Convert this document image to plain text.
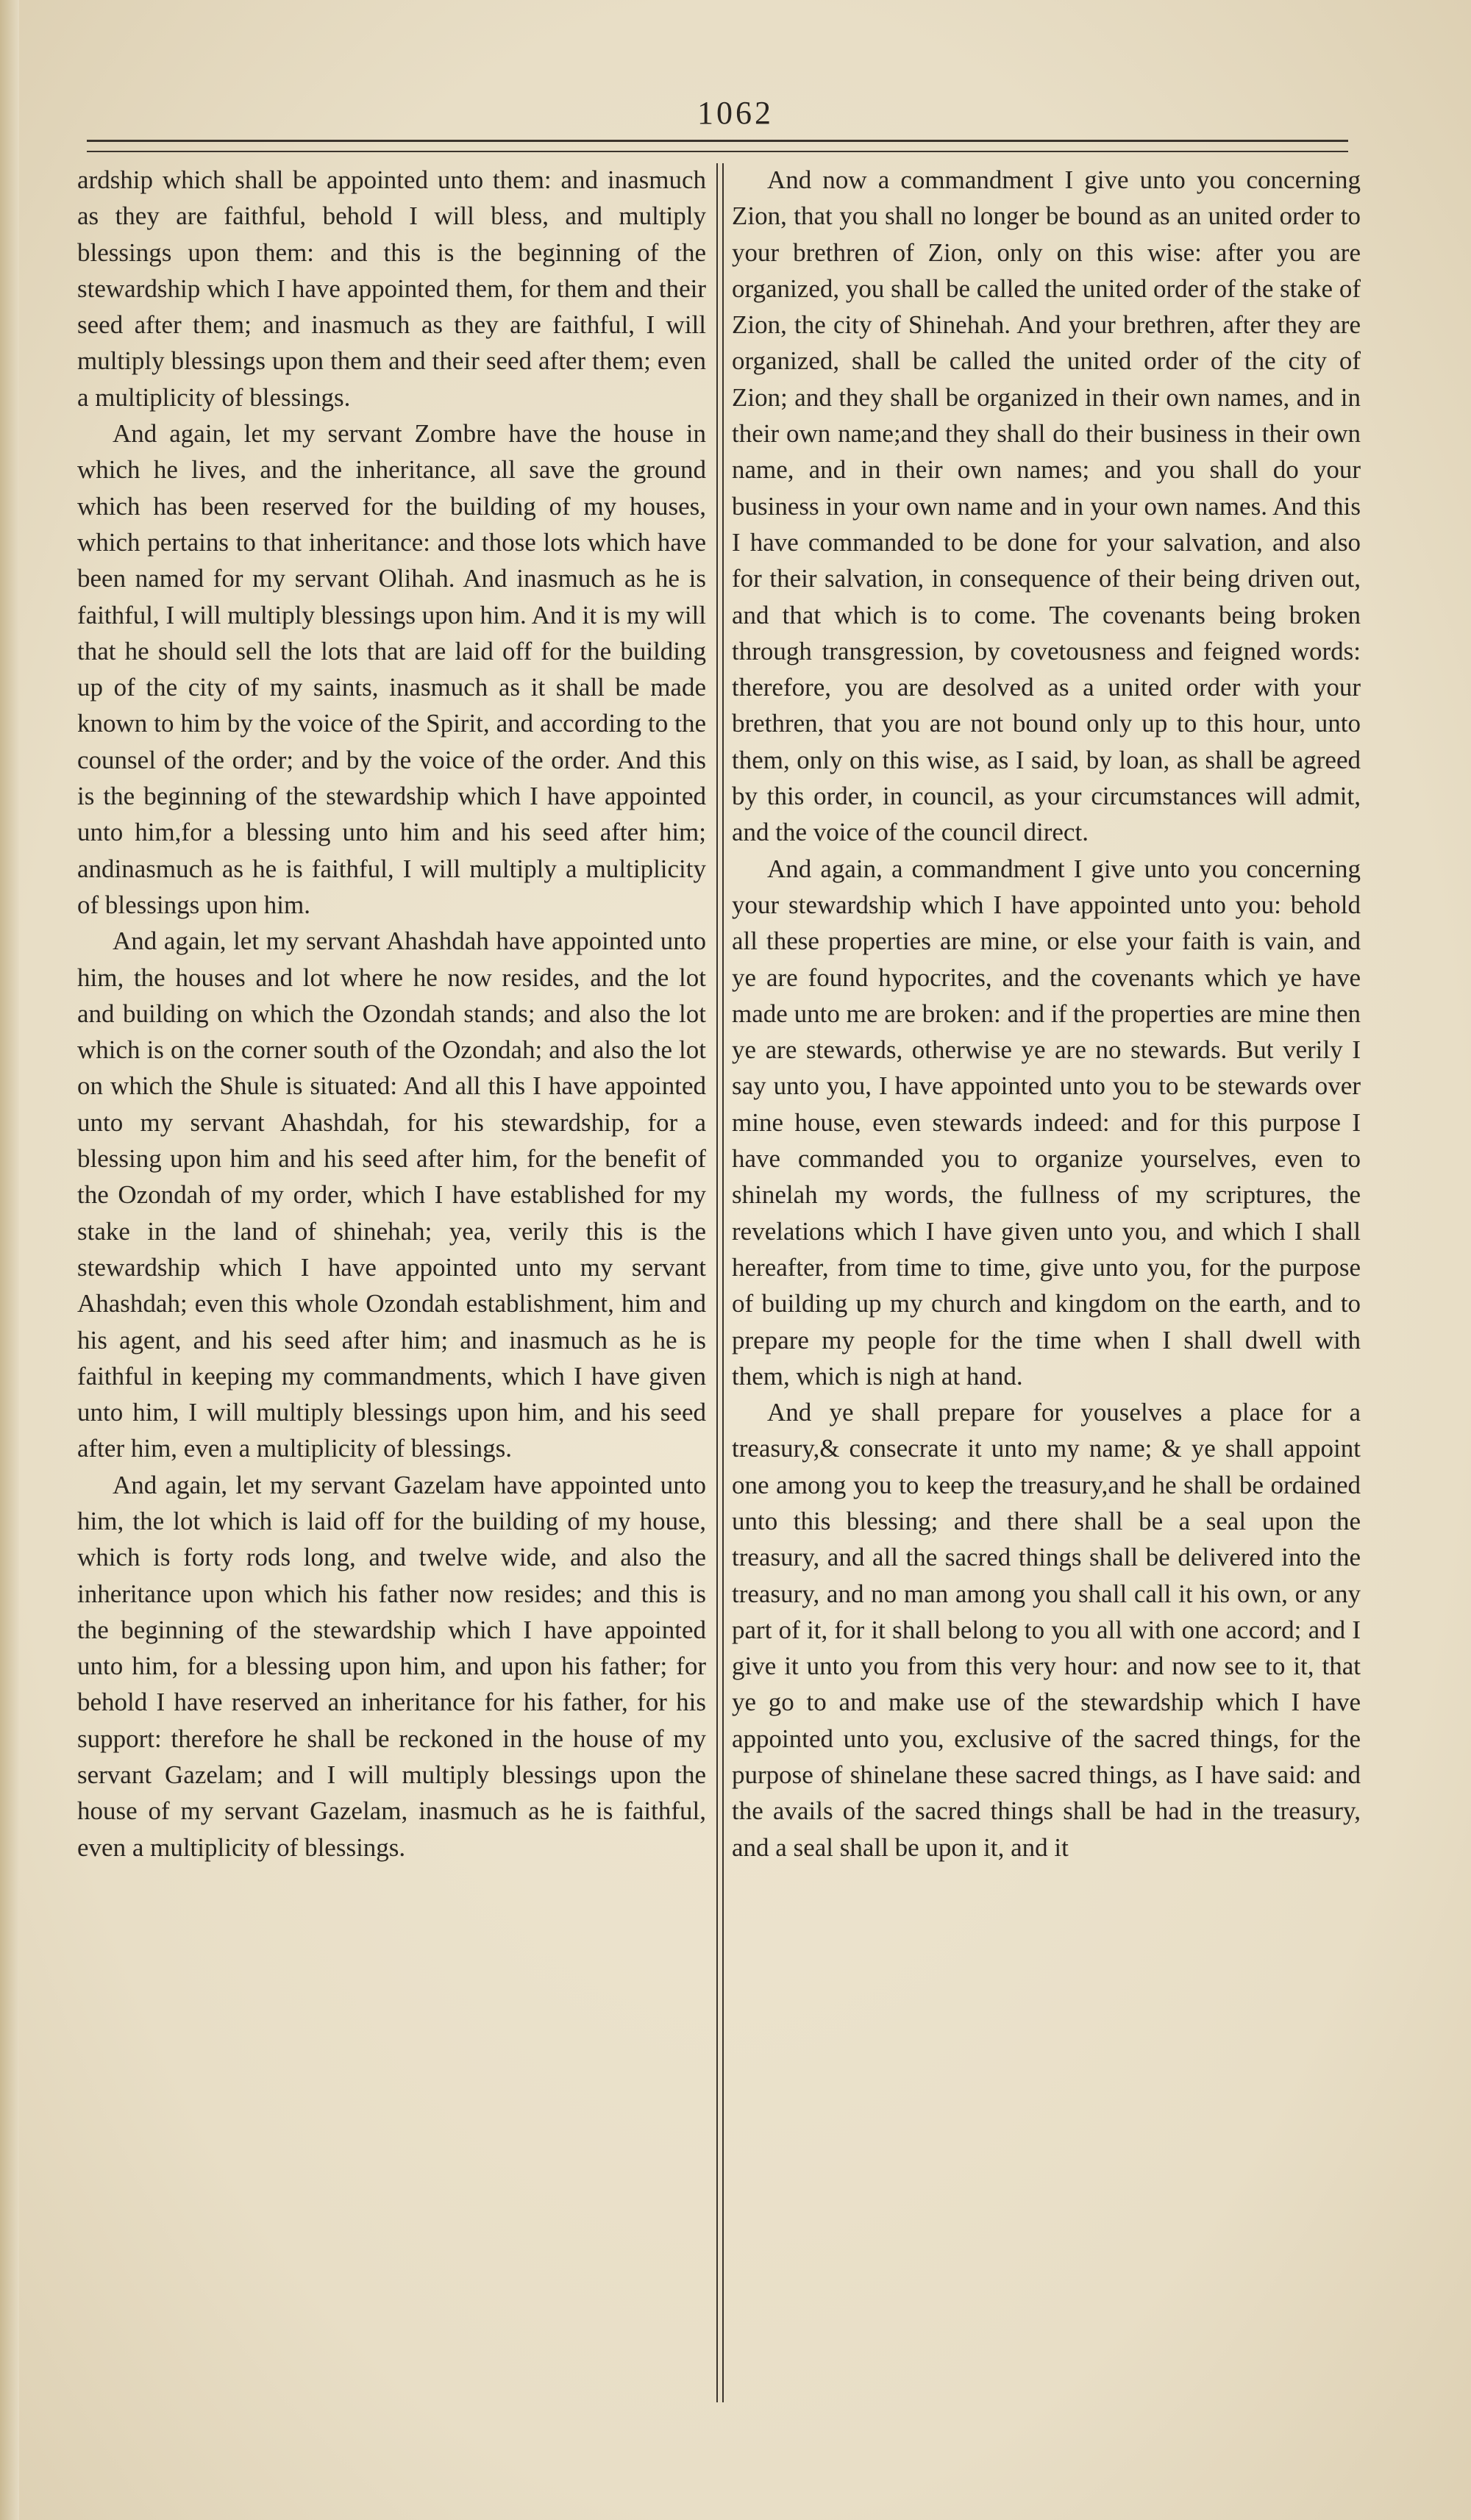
1062

ardship which shall be appointed unto them: and inasmuch as they are faithful, behold I will bless, and multiply blessings upon them: and this is the beginning of the stewardship which I have appointed them, for them and their seed after them; and inasmuch as they are faithful, I will multiply blessings upon them and their seed after them; even a multiplicity of blessings.

And again, let my servant Zombre have the house in which he lives, and the inheritance, all save the ground which has been reserved for the building of my houses, which pertains to that inheritance: and those lots which have been named for my servant Olihah. And inasmuch as he is faithful, I will multiply blessings upon him. And it is my will that he should sell the lots that are laid off for the building up of the city of my saints, inasmuch as it shall be made known to him by the voice of the Spirit, and according to the counsel of the order; and by the voice of the order. And this is the beginning of the stewardship which I have appointed unto him,for a blessing unto him and his seed after him; andinasmuch as he is faithful, I will multiply a multiplicity of blessings upon him.

And again, let my servant Ahashdah have appointed unto him, the houses and lot where he now resides, and the lot and building on which the Ozondah stands; and also the lot which is on the corner south of the Ozondah; and also the lot on which the Shule is situated: And all this I have appointed unto my servant Ahashdah, for his stewardship, for a blessing upon him and his seed after him, for the benefit of the Ozondah of my order, which I have established for my stake in the land of shinehah; yea, verily this is the stewardship which I have appointed unto my servant Ahashdah; even this whole Ozondah establishment, him and his agent, and his seed after him; and inasmuch as he is faithful in keeping my commandments, which I have given unto him, I will multiply blessings upon him, and his seed after him, even a multiplicity of blessings.

And again, let my servant Gazelam have appointed unto him, the lot which is laid off for the building of my house, which is forty rods long, and twelve wide, and also the inheritance upon which his father now resides; and this is the beginning of the stewardship which I have appointed unto him, for a blessing upon him, and upon his father; for behold I have reserved an inheritance for his father, for his support: therefore he shall be reckoned in the house of my servant Gazelam; and I will multiply blessings upon the house of my servant Gazelam, inasmuch as he is faithful, even a multiplicity of blessings.

And now a commandment I give unto you concerning Zion, that you shall no longer be bound as an united order to your brethren of Zion, only on this wise: after you are organized, you shall be called the united order of the stake of Zion, the city of Shinehah. And your brethren, after they are organized, shall be called the united order of the city of Zion; and they shall be organized in their own names, and in their own name;and they shall do their business in their own name, and in their own names; and you shall do your business in your own name and in your own names. And this I have commanded to be done for your salvation, and also for their salvation, in consequence of their being driven out, and that which is to come. The covenants being broken through transgression, by covetousness and feigned words: therefore, you are desolved as a united order with your brethren, that you are not bound only up to this hour, unto them, only on this wise, as I said, by loan, as shall be agreed by this order, in council, as your circumstances will admit, and the voice of the council direct.

And again, a commandment I give unto you concerning your stewardship which I have appointed unto you: behold all these properties are mine, or else your faith is vain, and ye are found hypocrites, and the covenants which ye have made unto me are broken: and if the properties are mine then ye are stewards, otherwise ye are no stewards. But verily I say unto you, I have appointed unto you to be stewards over mine house, even stewards indeed: and for this purpose I have commanded you to organize yourselves, even to shinelah my words, the fullness of my scriptures, the revelations which I have given unto you, and which I shall hereafter, from time to time, give unto you, for the purpose of building up my church and kingdom on the earth, and to prepare my people for the time when I shall dwell with them, which is nigh at hand.

And ye shall prepare for youselves a place for a treasury,& consecrate it unto my name; & ye shall appoint one among you to keep the treasury,and he shall be ordained unto this blessing; and there shall be a seal upon the treasury, and all the sacred things shall be delivered into the treasury, and no man among you shall call it his own, or any part of it, for it shall belong to you all with one accord; and I give it unto you from this very hour: and now see to it, that ye go to and make use of the stewardship which I have appointed unto you, exclusive of the sacred things, for the purpose of shinelane these sacred things, as I have said: and the avails of the sacred things shall be had in the treasury, and a seal shall be upon it, and it
